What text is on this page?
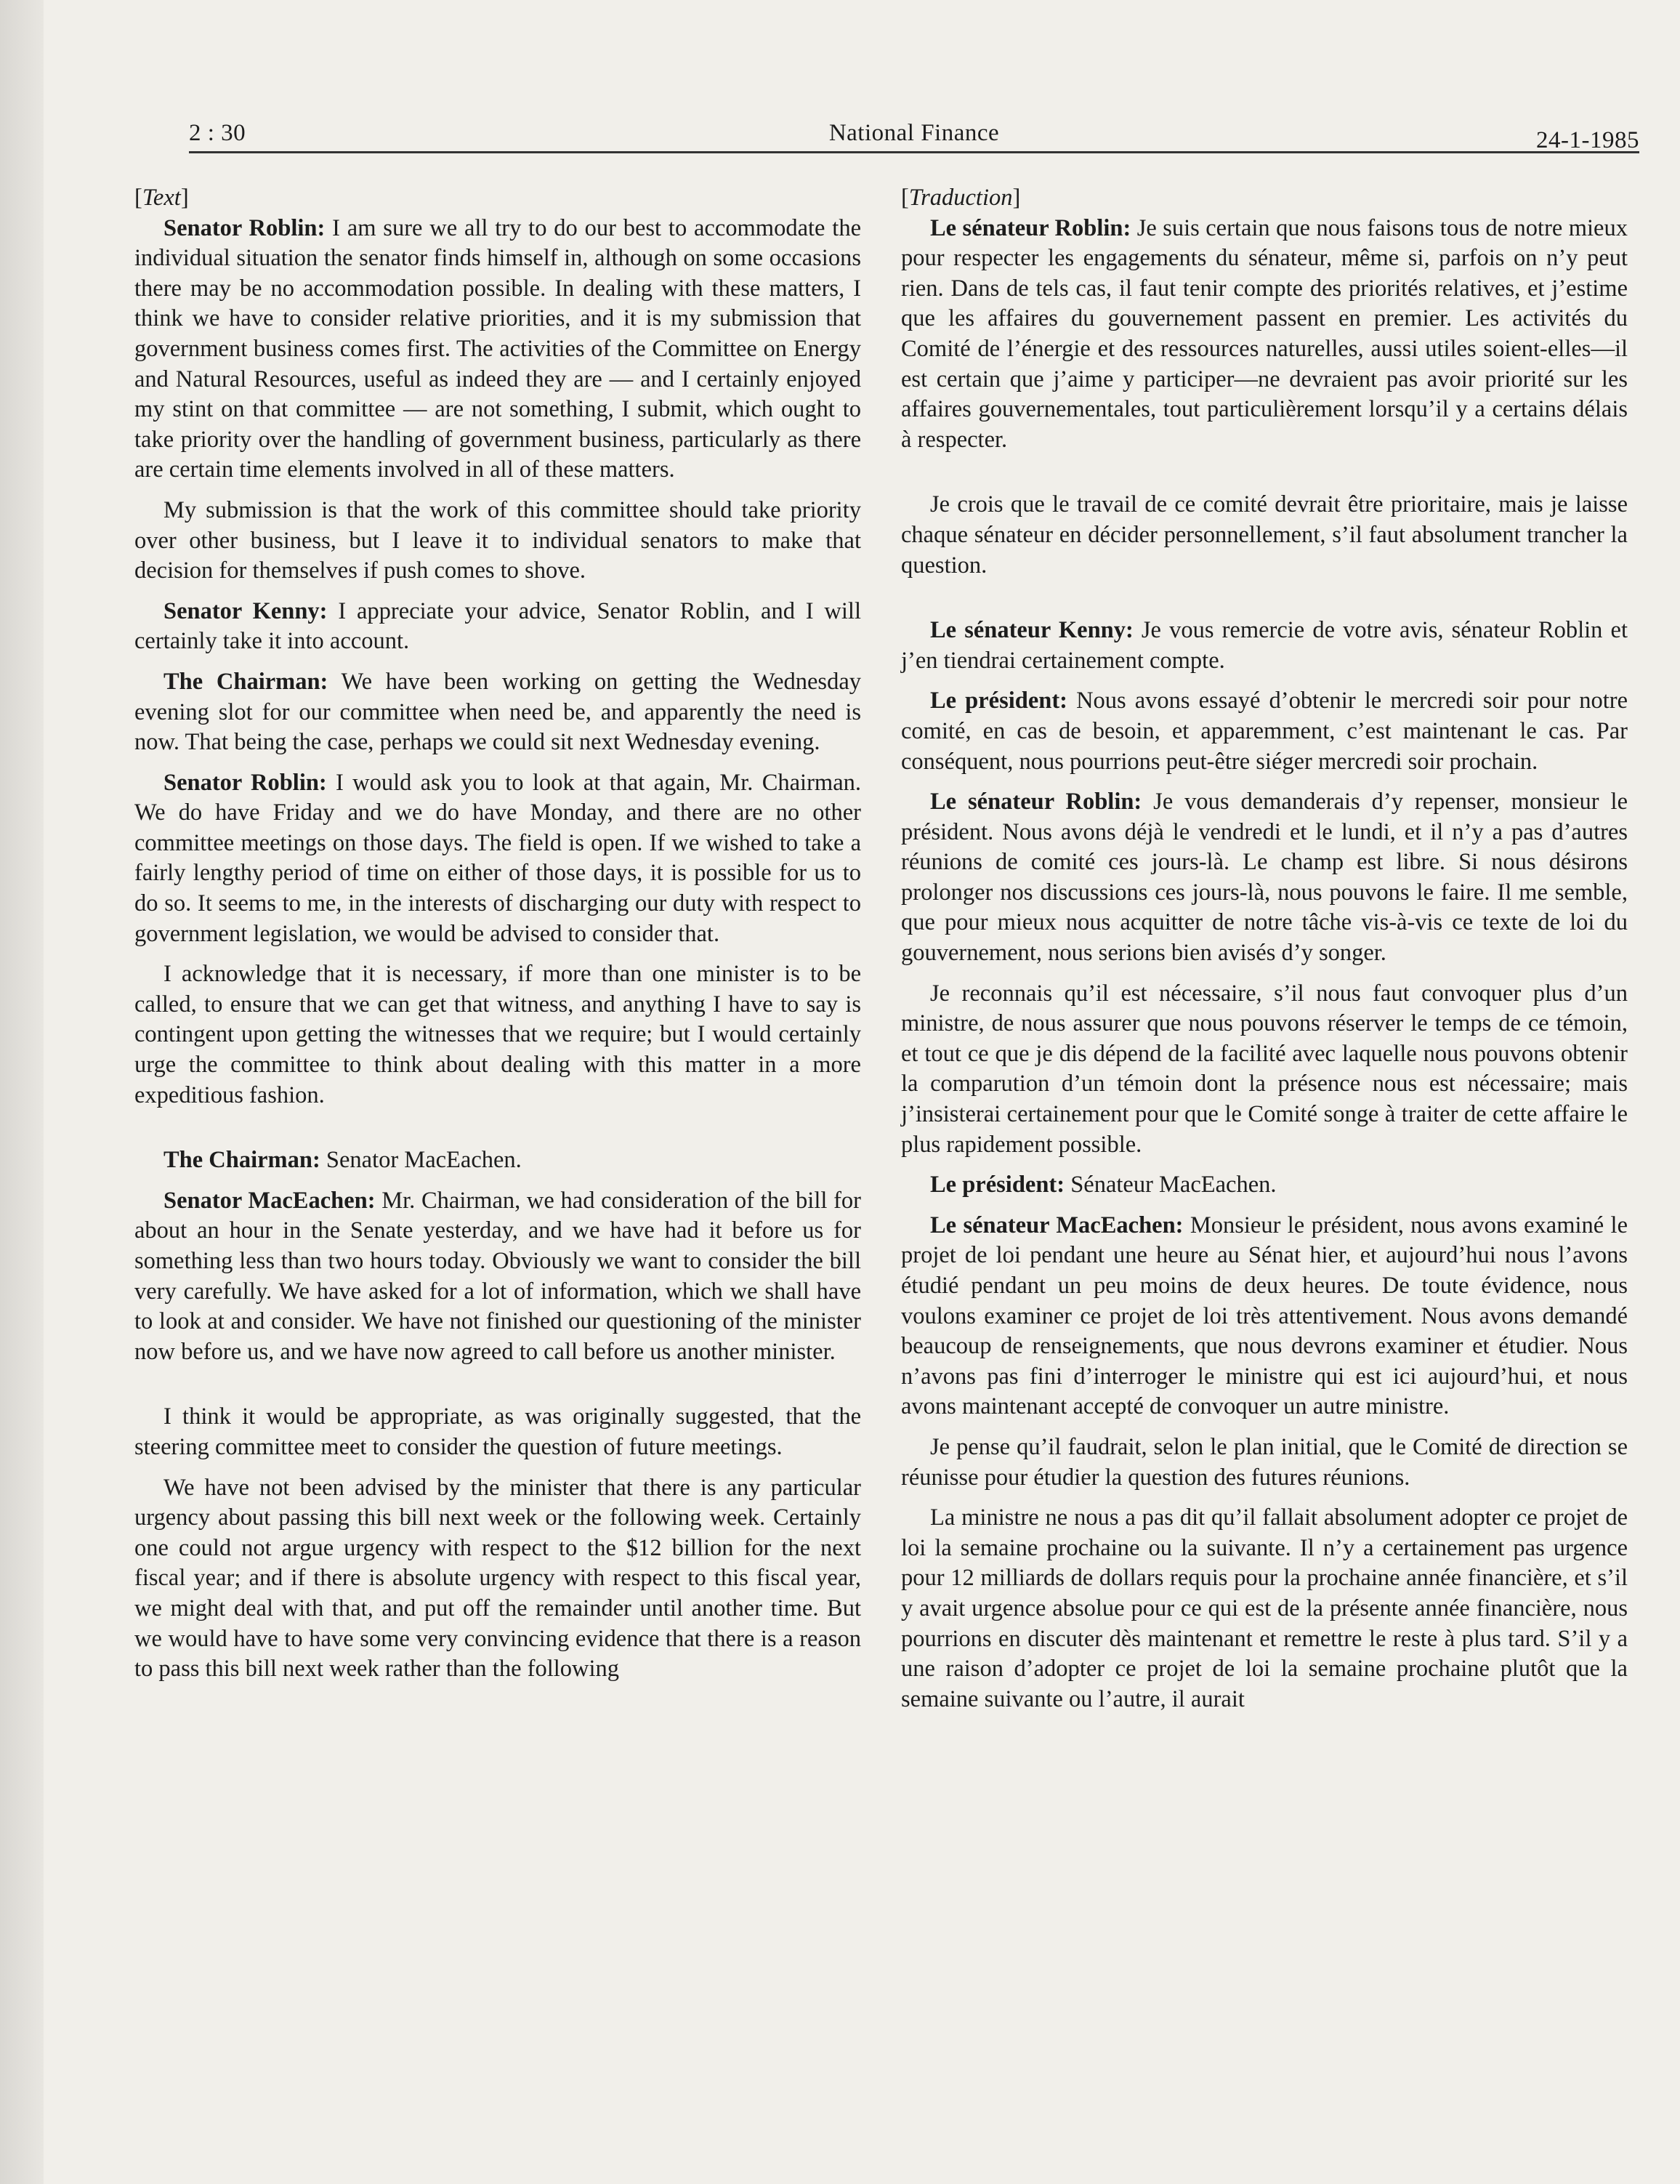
2 : 30	National Finance	24-1-1985

[Text]

Senator Roblin: I am sure we all try to do our best to accommodate the individual situation the senator finds himself in, although on some occasions there may be no accommodation possible. In dealing with these matters, I think we have to consider relative priorities, and it is my submission that government business comes first. The activities of the Committee on Energy and Natural Resources, useful as indeed they are — and I certainly enjoyed my stint on that committee — are not something, I submit, which ought to take priority over the handling of government business, particularly as there are certain time elements involved in all of these matters.

My submission is that the work of this committee should take priority over other business, but I leave it to individual senators to make that decision for themselves if push comes to shove.

Senator Kenny: I appreciate your advice, Senator Roblin, and I will certainly take it into account.

The Chairman: We have been working on getting the Wednesday evening slot for our committee when need be, and apparently the need is now. That being the case, perhaps we could sit next Wednesday evening.

Senator Roblin: I would ask you to look at that again, Mr. Chairman. We do have Friday and we do have Monday, and there are no other committee meetings on those days. The field is open. If we wished to take a fairly lengthy period of time on either of those days, it is possible for us to do so. It seems to me, in the interests of discharging our duty with respect to government legislation, we would be advised to consider that.

I acknowledge that it is necessary, if more than one minister is to be called, to ensure that we can get that witness, and anything I have to say is contingent upon getting the witnesses that we require; but I would certainly urge the committee to think about dealing with this matter in a more expeditious fashion.

The Chairman: Senator MacEachen.

Senator MacEachen: Mr. Chairman, we had consideration of the bill for about an hour in the Senate yesterday, and we have had it before us for something less than two hours today. Obviously we want to consider the bill very carefully. We have asked for a lot of information, which we shall have to look at and consider. We have not finished our questioning of the minister now before us, and we have now agreed to call before us another minister.

I think it would be appropriate, as was originally suggested, that the steering committee meet to consider the question of future meetings.

We have not been advised by the minister that there is any particular urgency about passing this bill next week or the following week. Certainly one could not argue urgency with respect to the $12 billion for the next fiscal year; and if there is absolute urgency with respect to this fiscal year, we might deal with that, and put off the remainder until another time. But we would have to have some very convincing evidence that there is a reason to pass this bill next week rather than the following

[Traduction]

Le sénateur Roblin: Je suis certain que nous faisons tous de notre mieux pour respecter les engagements du sénateur, même si, parfois on n’y peut rien. Dans de tels cas, il faut tenir compte des priorités relatives, et j’estime que les affaires du gouvernement passent en premier. Les activités du Comité de l’énergie et des ressources naturelles, aussi utiles soient-elles—il est certain que j’aime y participer—ne devraient pas avoir priorité sur les affaires gouvernementales, tout particulièrement lorsqu’il y a certains délais à respecter.

Je crois que le travail de ce comité devrait être prioritaire, mais je laisse chaque sénateur en décider personnellement, s’il faut absolument trancher la question.

Le sénateur Kenny: Je vous remercie de votre avis, sénateur Roblin et j’en tiendrai certainement compte.

Le président: Nous avons essayé d’obtenir le mercredi soir pour notre comité, en cas de besoin, et apparemment, c’est maintenant le cas. Par conséquent, nous pourrions peut-être siéger mercredi soir prochain.

Le sénateur Roblin: Je vous demanderais d’y repenser, monsieur le président. Nous avons déjà le vendredi et le lundi, et il n’y a pas d’autres réunions de comité ces jours-là. Le champ est libre. Si nous désirons prolonger nos discussions ces jours-là, nous pouvons le faire. Il me semble, que pour mieux nous acquitter de notre tâche vis-à-vis ce texte de loi du gouvernement, nous serions bien avisés d’y songer.

Je reconnais qu’il est nécessaire, s’il nous faut convoquer plus d’un ministre, de nous assurer que nous pouvons réserver le temps de ce témoin, et tout ce que je dis dépend de la facilité avec laquelle nous pouvons obtenir la comparution d’un témoin dont la présence nous est nécessaire; mais j’insisterai certainement pour que le Comité songe à traiter de cette affaire le plus rapidement possible.

Le président: Sénateur MacEachen.

Le sénateur MacEachen: Monsieur le président, nous avons examiné le projet de loi pendant une heure au Sénat hier, et aujourd’hui nous l’avons étudié pendant un peu moins de deux heures. De toute évidence, nous voulons examiner ce projet de loi très attentivement. Nous avons demandé beaucoup de renseignements, que nous devrons examiner et étudier. Nous n’avons pas fini d’interroger le ministre qui est ici aujourd’hui, et nous avons maintenant accepté de convoquer un autre ministre.

Je pense qu’il faudrait, selon le plan initial, que le Comité de direction se réunisse pour étudier la question des futures réunions.

La ministre ne nous a pas dit qu’il fallait absolument adopter ce projet de loi la semaine prochaine ou la suivante. Il n’y a certainement pas urgence pour 12 milliards de dollars requis pour la prochaine année financière, et s’il y avait urgence absolue pour ce qui est de la présente année financière, nous pourrions en discuter dès maintenant et remettre le reste à plus tard. S’il y a une raison d’adopter ce projet de loi la semaine prochaine plutôt que la semaine suivante ou l’autre, il aurait
